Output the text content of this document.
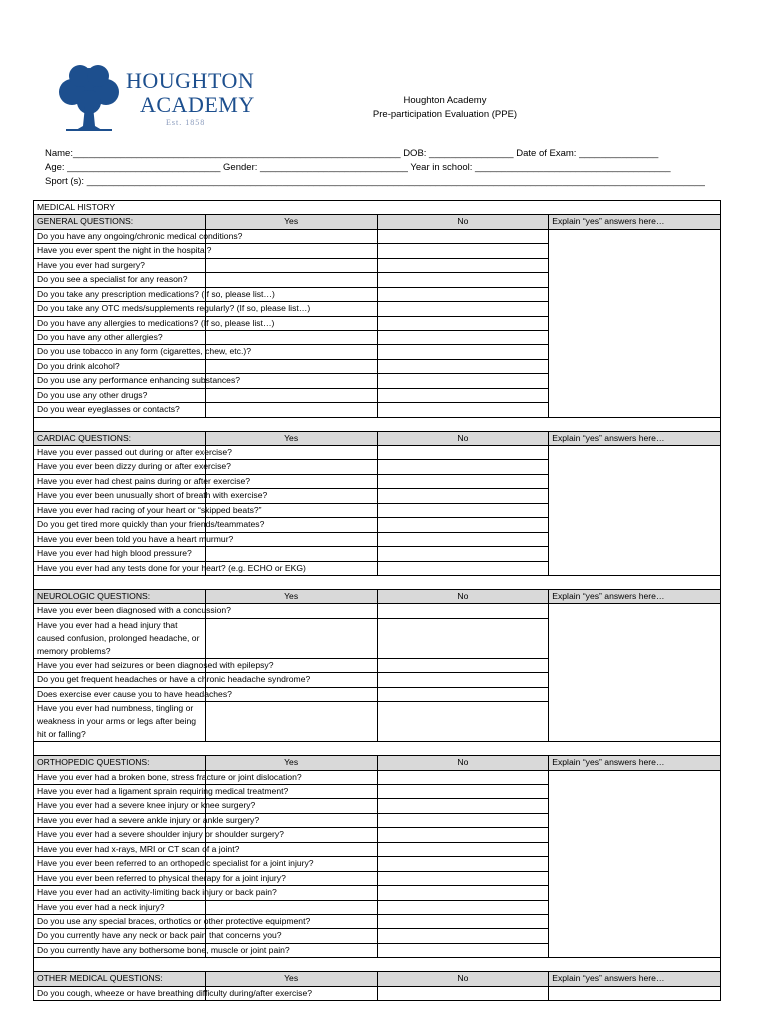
HOUGHTON
ACADEMY
Est. 1858
Houghton Academy
Pre-participation Evaluation (PPE)
Name:______________________________________________________________ DOB: ________________ Date of Exam: _______________
Age: _____________________________ Gender: ____________________________ Year in school: _____________________________________
Sport (s): _____________________________________________________________________________________________________________________
MEDICAL HISTORY			
GENERAL QUESTIONS:	Yes	No	Explain “yes” answers here…
Do you have any ongoing/chronic medical conditions?			
Have you ever spent the night in the hospital?			
Have you ever had surgery?			
Do you see a specialist for any reason?			
Do you take any prescription medications? (If so, please list…)			
Do you take any OTC meds/supplements regularly? (If so, please list…)			
Do you have any allergies to medications? (If so, please list…)			
Do you have any other allergies?			
Do you use tobacco in any form (cigarettes, chew, etc.)?			
Do you drink alcohol?			
Do you use any performance enhancing substances?			
Do you use any other drugs?			
Do you wear eyeglasses or contacts?			

CARDIAC QUESTIONS:	Yes	No	Explain “yes” answers here…
Have you ever passed out during or after exercise?			
Have you ever been dizzy during or after exercise?			
Have you ever had chest pains during or after exercise?			
Have you ever been unusually short of breath with exercise?			
Have you ever had racing of your heart or “skipped beats?”			
Do you get tired more quickly than your friends/teammates?			
Have you ever been told you have a heart murmur?			
Have you ever had high blood pressure?			
Have you ever had any tests done for your heart? (e.g. ECHO or EKG)			

NEUROLOGIC QUESTIONS:	Yes	No	Explain “yes” answers here…
Have you ever been diagnosed with a concussion?			
Have you ever had a head injury that caused confusion, prolonged headache, or memory problems?			
Have you ever had seizures or been diagnosed with epilepsy?			
Do you get frequent headaches or have a chronic headache syndrome?			
Does exercise ever cause you to have headaches?			
Have you ever had numbness, tingling or weakness in your arms or legs after being hit or falling?			

ORTHOPEDIC QUESTIONS:	Yes	No	Explain “yes” answers here…
Have you ever had a broken bone, stress fracture or joint dislocation?			
Have you ever had a ligament sprain requiring medical treatment?			
Have you ever had a severe knee injury or knee surgery?			
Have you ever had a severe ankle injury or ankle surgery?			
Have you ever had a severe shoulder injury or shoulder surgery?			
Have you ever had x-rays, MRI or CT scan of a joint?			
Have you ever been referred to an orthopedic specialist for a joint injury?			
Have you ever been referred to physical therapy for a joint injury?			
Have you ever had an activity-limiting back injury or back pain?			
Have you ever had a neck injury?			
Do you use any special braces, orthotics or other protective equipment?			
Do you currently have any neck or back pain that concerns you?			
Do you currently have any bothersome bone, muscle or joint pain?			

OTHER MEDICAL QUESTIONS:	Yes	No	Explain “yes” answers here…
Do you cough, wheeze or have breathing difficulty during/after exercise?			
